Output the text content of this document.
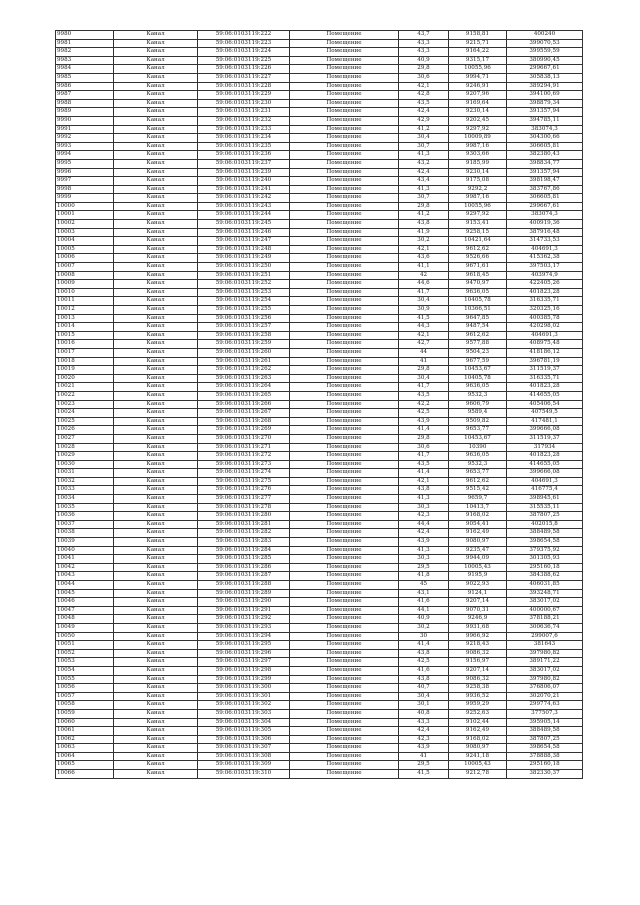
9980	Канал	59:06:0103119:222	Помещение	43,7	9158,81	400240
9981	Канал	59:06:0103119:223	Помещение	43,3	9215,71	399070,53
9982	Канал	59:06:0103119:224	Помещение	43,3	9164,22	399559,59
9983	Канал	59:06:0103119:225	Помещение	40,9	9315,17	380990,45
9984	Канал	59:06:0103119:226	Помещение	29,8	10055,96	299667,61
9985	Канал	59:06:0103119:227	Помещение	30,6	9994,71	305838,13
9986	Канал	59:06:0103119:228	Помещение	42,1	9246,91	389294,91
9987	Канал	59:06:0103119:229	Помещение	42,8	9207,96	394100,69
9988	Канал	59:06:0103119:230	Помещение	43,5	9169,64	398879,34
9989	Канал	59:06:0103119:231	Помещение	42,4	9230,14	391357,94
9990	Канал	59:06:0103119:232	Помещение	42,9	9202,45	394785,11
9991	Канал	59:06:0103119:233	Помещение	41,2	9297,92	383074,3
9992	Канал	59:06:0103119:234	Помещение	30,4	10009,89	304300,66
9993	Канал	59:06:0103119:235	Помещение	30,7	9987,16	306605,81
9994	Канал	59:06:0103119:236	Помещение	41,3	9303,66	382380,43
9995	Канал	59:06:0103119:237	Помещение	43,2	9185,99	398834,77
9996	Канал	59:06:0103119:239	Помещение	42,4	9230,14	391357,94
9997	Канал	59:06:0103119:240	Помещение	43,4	9175,08	398198,47
9998	Канал	59:06:0103119:241	Помещение	41,3	9292,2	383767,86
9999	Канал	59:06:0103119:242	Помещение	30,7	9987,16	306605,81
10000	Канал	59:06:0103119:243	Помещение	29,8	10055,96	299667,61
10001	Канал	59:06:0103119:244	Помещение	41,2	9297,92	383074,3
10002	Канал	59:06:0103119:245	Помещение	43,8	9153,41	400919,36
10003	Канал	59:06:0103119:246	Помещение	41,9	9258,15	387916,48
10004	Канал	59:06:0103119:247	Помещение	30,2	10421,64	314733,53
10005	Канал	59:06:0103119:248	Помещение	42,1	9612,62	404691,3
10006	Канал	59:06:0103119:249	Помещение	43,6	9526,66	415362,38
10007	Канал	59:06:0103119:250	Помещение	41,1	9671,61	397503,17
10008	Канал	59:06:0103119:251	Помещение	42	9618,45	403974,9
10009	Канал	59:06:0103119:252	Помещение	44,6	9470,97	422405,26
10010	Канал	59:06:0103119:253	Помещение	41,7	9636,05	401823,28
10011	Канал	59:06:0103119:254	Помещение	30,4	10405,78	316335,71
10012	Канал	59:06:0103119:255	Помещение	30,9	10366,51	320325,16
10013	Канал	59:06:0103119:256	Помещение	41,5	9647,85	400385,78
10014	Канал	59:06:0103119:257	Помещение	44,3	9487,54	420298,02
10015	Канал	59:06:0103119:258	Помещение	42,1	9612,62	404691,3
10016	Канал	59:06:0103119:259	Помещение	42,7	9577,88	408975,48
10017	Канал	59:06:0103119:260	Помещение	44	9504,23	418186,12
10018	Канал	59:06:0103119:261	Помещение	41	9677,59	396781,19
10019	Канал	59:06:0103119:262	Помещение	29,8	10453,67	311519,37
10020	Канал	59:06:0103119:263	Помещение	30,4	10405,78	316335,71
10021	Канал	59:06:0103119:264	Помещение	41,7	9636,05	401823,28
10022	Канал	59:06:0103119:265	Помещение	43,5	9532,3	414655,05
10023	Канал	59:06:0103119:266	Помещение	42,2	9606,79	405406,54
10024	Канал	59:06:0103119:267	Помещение	42,5	9589,4	407549,5
10025	Канал	59:06:0103119:268	Помещение	43,9	9509,82	417481,1
10026	Канал	59:06:0103119:269	Помещение	41,4	9653,77	399666,08
10027	Канал	59:06:0103119:270	Помещение	29,8	10453,67	311519,37
10028	Канал	59:06:0103119:271	Помещение	30,6	10390	317934
10029	Канал	59:06:0103119:272	Помещение	41,7	9636,05	401823,28
10030	Канал	59:06:0103119:273	Помещение	43,5	9532,3	414655,05
10031	Канал	59:06:0103119:274	Помещение	41,4	9653,77	399666,08
10032	Канал	59:06:0103119:275	Помещение	42,1	9612,62	404691,3
10033	Канал	59:06:0103119:276	Помещение	43,8	9515,42	416775,4
10034	Канал	59:06:0103119:277	Помещение	41,3	9659,7	398945,61
10035	Канал	59:06:0103119:278	Помещение	30,3	10413,7	315535,11
10036	Канал	59:06:0103119:280	Помещение	42,3	9168,02	387807,25
10037	Канал	59:06:0103119:281	Помещение	44,4	9054,41	402015,8
10038	Канал	59:06:0103119:282	Помещение	42,4	9162,49	388489,58
10039	Канал	59:06:0103119:283	Помещение	43,9	9080,97	398654,58
10040	Канал	59:06:0103119:284	Помещение	41,3	9235,47	379375,92
10041	Канал	59:06:0103119:285	Помещение	30,3	9944,09	301305,93
10042	Канал	59:06:0103119:286	Помещение	29,5	10005,43	295160,18
10043	Канал	59:06:0103119:287	Помещение	41,8	9195,9	384388,62
10044	Канал	59:06:0103119:288	Помещение	45	9022,93	406031,85
10045	Канал	59:06:0103119:289	Помещение	43,1	9124,1	393248,71
10046	Канал	59:06:0103119:290	Помещение	41,6	9207,14	383017,02
10047	Канал	59:06:0103119:291	Помещение	44,1	9070,31	400000,67
10048	Канал	59:06:0103119:292	Помещение	40,9	9246,9	378188,21
10049	Канал	59:06:0103119:293	Помещение	30,2	9931,68	300636,74
10050	Канал	59:06:0103119:294	Помещение	30	9966,92	299007,6
10051	Канал	59:06:0103119:295	Помещение	41,4	9218,43	381643
10052	Канал	59:06:0103119:296	Помещение	43,8	9086,32	397980,82
10053	Канал	59:06:0103119:297	Помещение	42,5	9156,97	389171,22
10054	Канал	59:06:0103119:298	Помещение	41,6	9207,14	383017,02
10055	Канал	59:06:0103119:299	Помещение	43,8	9086,32	397980,82
10056	Канал	59:06:0103119:300	Помещение	40,7	9258,38	376806,07
10057	Канал	59:06:0103119:301	Помещение	30,4	9936,52	302070,21
10058	Канал	59:06:0103119:302	Помещение	30,1	9959,29	299774,63
10059	Канал	59:06:0103119:303	Помещение	40,8	9252,63	377507,3
10060	Канал	59:06:0103119:304	Помещение	43,3	9102,44	395905,14
10061	Канал	59:06:0103119:305	Помещение	42,4	9162,49	388489,58
10062	Канал	59:06:0103119:306	Помещение	42,3	9168,02	387807,25
10063	Канал	59:06:0103119:307	Помещение	43,9	9080,97	398654,58
10064	Канал	59:06:0103119:308	Помещение	41	9241,18	378888,38
10065	Канал	59:06:0103119:309	Помещение	29,5	10005,43	295160,18
10066	Канал	59:06:0103119:310	Помещение	41,5	9212,78	382330,37
